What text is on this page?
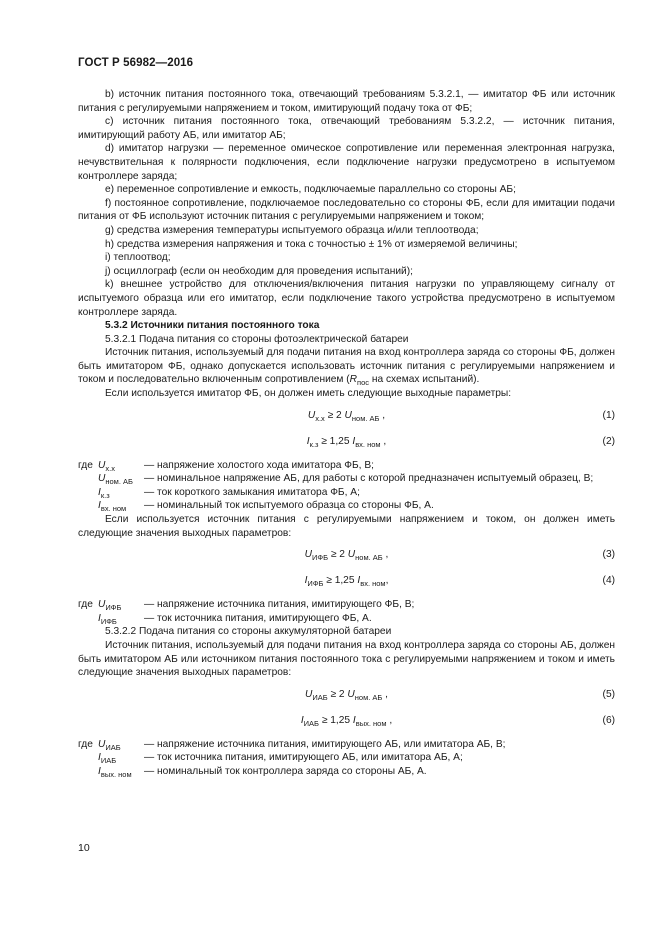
ГОСТ Р 56982—2016

b) источник питания постоянного тока, отвечающий требованиям 5.3.2.1, — имитатор ФБ или источник питания с регулируемыми напряжением и током, имитирующий подачу тока от ФБ;

c) источник питания постоянного тока, отвечающий требованиям 5.3.2.2, — источник питания, имитирующий работу АБ, или имитатор АБ;

d) имитатор нагрузки — переменное омическое сопротивление или переменная электронная нагрузка, нечувствительная к полярности подключения, если подключение нагрузки предусмотрено в испытуемом контроллере заряда;

e) переменное сопротивление и емкость, подключаемые параллельно со стороны АБ;

f) постоянное сопротивление, подключаемое последовательно со стороны ФБ, если для имитации подачи питания от ФБ используют источник питания с регулируемыми напряжением и током;

g) средства измерения температуры испытуемого образца и/или теплоотвода;

h) средства измерения напряжения и тока с точностью ± 1% от измеряемой величины;

i) теплоотвод;

j) осциллограф (если он необходим для проведения испытаний);

k) внешнее устройство для отключения/включения питания нагрузки по управляющему сигналу от испытуемого образца или его имитатор, если подключение такого устройства предусмотрено в испытуемом контроллере заряда.

5.3.2 Источники питания постоянного тока

5.3.2.1 Подача питания со стороны фотоэлектрической батареи

Источник питания, используемый для подачи питания на вход контроллера заряда со стороны ФБ, должен быть имитатором ФБ, однако допускается использовать источник питания с регулируемыми напряжением и током и последовательно включенным сопротивлением ($R_{пос}$ на схемах испытаний).

Если используется имитатор ФБ, он должен иметь следующие выходные параметры:

$U_{х.х} \ge 2$ $U_{ном. АБ}$ ,	(1)
$I_{к.з} \ge 1,25$ $I_{вх. ном}$ ,	(2)
где $U_{х.х}$	— напряжение холостого хода имитатора ФБ, В;
$U_{ном. АБ}$	— номинальное напряжение АБ, для работы с которой предназначен испытуемый образец, В;
$I_{к.з}$	— ток короткого замыкания имитатора ФБ, А;
$I_{вх. ном}$	— номинальный ток испытуемого образца со стороны ФБ, А.

Если используется источник питания с регулируемыми напряжением и током, он должен иметь следующие значения выходных параметров:

$U_{ИФБ} \ge 2$ $U_{ном. АБ}$ ,	(3)
$I_{ИФБ} \ge 1,25$ $I_{вх. ном}$,	(4)
где $U_{ИФБ}$	— напряжение источника питания, имитирующего ФБ, В;
$I_{ИФБ}$	— ток источника питания, имитирующего ФБ, А.

5.3.2.2 Подача питания со стороны аккумуляторной батареи

Источник питания, используемый для подачи питания на вход контроллера заряда со стороны АБ, должен быть имитатором АБ или источником питания постоянного тока с регулируемыми напряжением и током и иметь следующие значения выходных параметров:

$U_{ИАБ} \ge 2$ $U_{ном. АБ}$ ,	(5)
$I_{ИАБ} \ge 1,25$ $I_{вых. ном}$ ,	(6)
где $U_{ИАБ}$	— напряжение источника питания, имитирующего АБ, или имитатора АБ, В;
$I_{ИАБ}$	— ток источника питания, имитирующего АБ, или имитатора АБ, А;
$I_{вых. ном}$	— номинальный ток контроллера заряда со стороны АБ, А.
10
